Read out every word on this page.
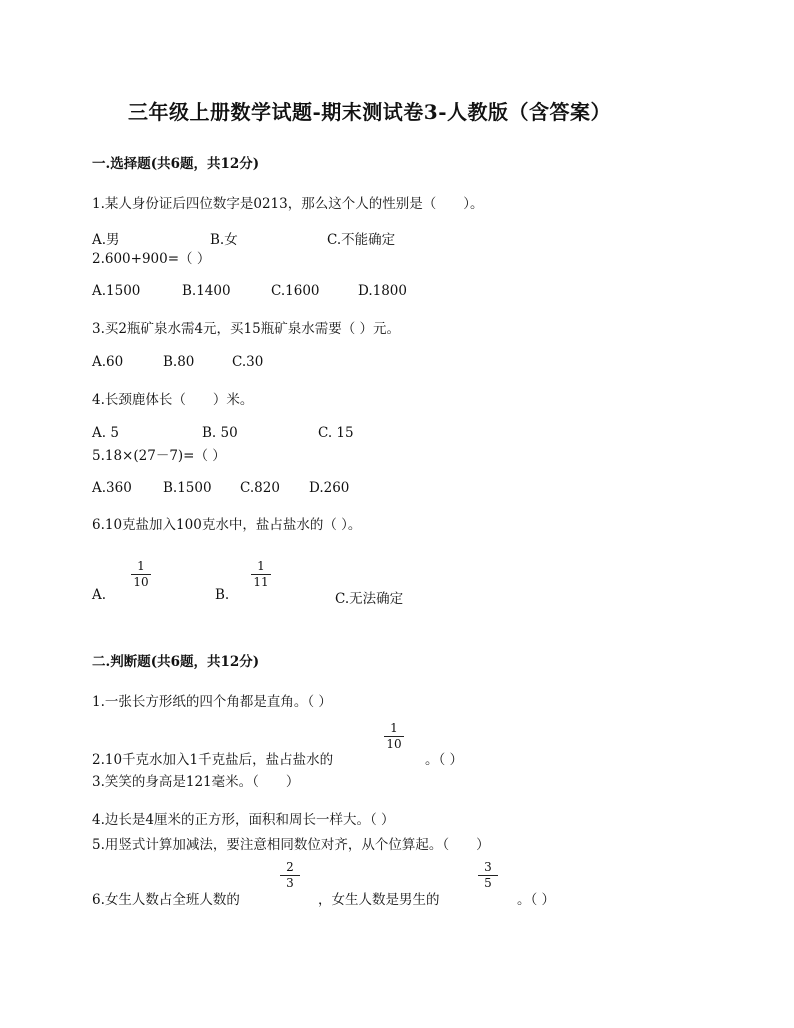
三年级上册数学试题-期末测试卷3-人教版（含答案）
一.选择题(共6题，共12分)
1.某人身份证后四位数字是0213，那么这个人的性别是（　　）。
A.男	B.女	C.不能确定
2.600+900=（ ）
A.1500	B.1400	C.1600	D.1800
3.买2瓶矿泉水需4元，买15瓶矿泉水需要（ ）元。
A.60	B.80	C.30
4.长颈鹿体长（　　）米。
A. 5	B. 50	C. 15
5.18×(27－7)=（ ）
A.360 B.1500 C.820 D.260
6.10克盐加入100克水中，盐占盐水的（ ）。
1
10
1
11
A.	B.	C.无法确定
二.判断题(共6题，共12分)
1.一张长方形纸的四个角都是直角。（ ）
1
10
2.10千克水加入1千克盐后，盐占盐水的	。（ ）
3.笑笑的身高是121毫米。（　　）
4.边长是4厘米的正方形，面积和周长一样大。（ ）
5.用竖式计算加减法，要注意相同数位对齐，从个位算起。（　　）
2
3
3
5
6.女生人数占全班人数的	，女生人数是男生的	。（ ）
